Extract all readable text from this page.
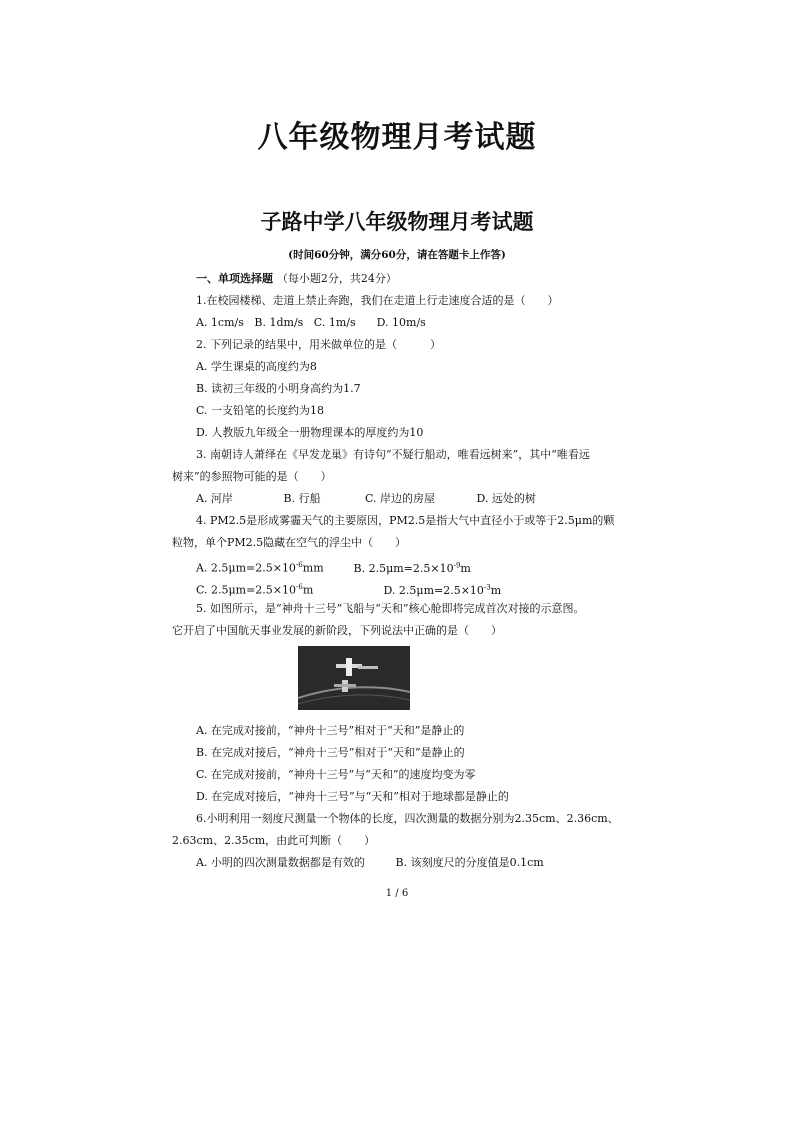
八年级物理月考试题
子路中学八年级物理月考试题
(时间60分钟，满分60分，请在答题卡上作答)
一、单项选择题 （每小题2分，共24分）
1.在校园楼梯、走道上禁止奔跑，我们在走道上行走速度合适的是（　　）
A. 1cm/s B. 1dm/s C. 1m/s D. 10m/s
2. 下列记录的结果中，用米做单位的是（　　　）
A. 学生课桌的高度约为8
B. 读初三年级的小明身高约为1.7
C. 一支铅笔的长度约为18
D. 人教版九年级全一册物理课本的厚度约为10
3. 南朝诗人萧绎在《早发龙巢》有诗句“不疑行船动，唯看远树来”，其中“唯看远
树来”的参照物可能的是（　　）
A. 河岸	B. 行船	C. 岸边的房屋	D. 远处的树
4. PM2.5是形成雾霾天气的主要原因，PM2.5是指大气中直径小于或等于2.5μm的颗
粒物，单个PM2.5隐藏在空气的浮尘中（　　）
A. $2.5\mu m=2.5\times 10^{-6}mm$	B. $2.5\mu m=2.5\times 10^{-9}m$
C. $2.5\mu m=2.5\times 10^{-6}m$	D. $2.5\mu m=2.5\times 10^{-3}m$
5. 如图所示，是“神舟十三号”飞船与“天和”核心舱即将完成首次对接的示意图。
它开启了中国航天事业发展的新阶段，下列说法中正确的是（　　）
A. 在完成对接前，“神舟十三号”相对于“天和”是静止的
B. 在完成对接后，“神舟十三号”相对于“天和”是静止的
C. 在完成对接前，“神舟十三号”与“天和”的速度均变为零
D. 在完成对接后，“神舟十三号”与“天和”相对于地球都是静止的
6.小明利用一刻度尺测量一个物体的长度，四次测量的数据分别为2.35cm、2.36cm、
2.63cm、2.35cm，由此可判断（　　）
A. 小明的四次测量数据都是有效的	B. 该刻度尺的分度值是0.1cm
1 / 6
